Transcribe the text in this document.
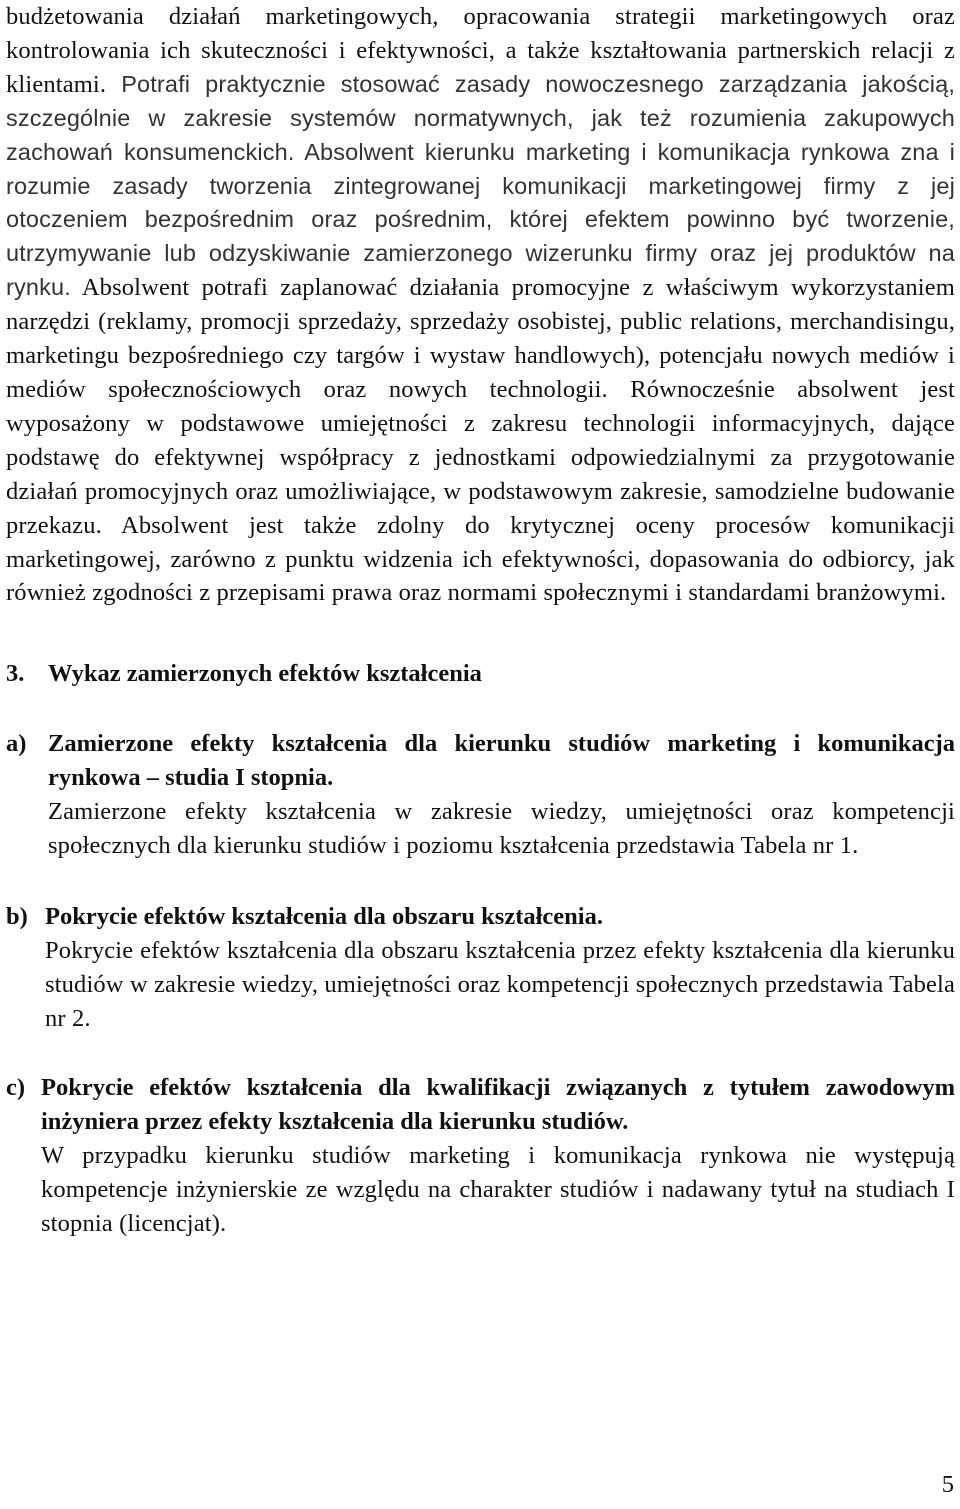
budżetowania działań marketingowych, opracowania strategii marketingowych oraz kontrolowania ich skuteczności i efektywności, a także kształtowania partnerskich relacji z klientami. Potrafi praktycznie stosować zasady nowoczesnego zarządzania jakością, szczególnie w zakresie systemów normatywnych, jak też rozumienia zakupowych zachowań konsumenckich. Absolwent kierunku marketing i komunikacja rynkowa zna i rozumie zasady tworzenia zintegrowanej komunikacji marketingowej firmy z jej otoczeniem bezpośrednim oraz pośrednim, której efektem powinno być tworzenie, utrzymywanie lub odzyskiwanie zamierzonego wizerunku firmy oraz jej produktów na rynku. Absolwent potrafi zaplanować działania promocyjne z właściwym wykorzystaniem narzędzi (reklamy, promocji sprzedaży, sprzedaży osobistej, public relations, merchandisingu, marketingu bezpośredniego czy targów i wystaw handlowych), potencjału nowych mediów i mediów społecznościowych oraz nowych technologii. Równocześnie absolwent jest wyposażony w podstawowe umiejętności z zakresu technologii informacyjnych, dające podstawę do efektywnej współpracy z jednostkami odpowiedzialnymi za przygotowanie działań promocyjnych oraz umożliwiające, w podstawowym zakresie, samodzielne budowanie przekazu. Absolwent jest także zdolny do krytycznej oceny procesów komunikacji marketingowej, zarówno z punktu widzenia ich efektywności, dopasowania do odbiorcy, jak również zgodności z przepisami prawa oraz normami społecznymi i standardami branżowymi.

3. Wykaz zamierzonych efektów kształcenia
a) Zamierzone efekty kształcenia dla kierunku studiów marketing i komunikacja rynkowa – studia I stopnia.

Zamierzone efekty kształcenia w zakresie wiedzy, umiejętności oraz kompetencji społecznych dla kierunku studiów i poziomu kształcenia przedstawia Tabela nr 1.

b) Pokrycie efektów kształcenia dla obszaru kształcenia.

Pokrycie efektów kształcenia dla obszaru kształcenia przez efekty kształcenia dla kierunku studiów w zakresie wiedzy, umiejętności oraz kompetencji społecznych przedstawia Tabela nr 2.

c) Pokrycie efektów kształcenia dla kwalifikacji związanych z tytułem zawodowym inżyniera przez efekty kształcenia dla kierunku studiów.

W przypadku kierunku studiów marketing i komunikacja rynkowa nie występują kompetencje inżynierskie ze względu na charakter studiów i nadawany tytuł na studiach I stopnia (licencjat).

5
